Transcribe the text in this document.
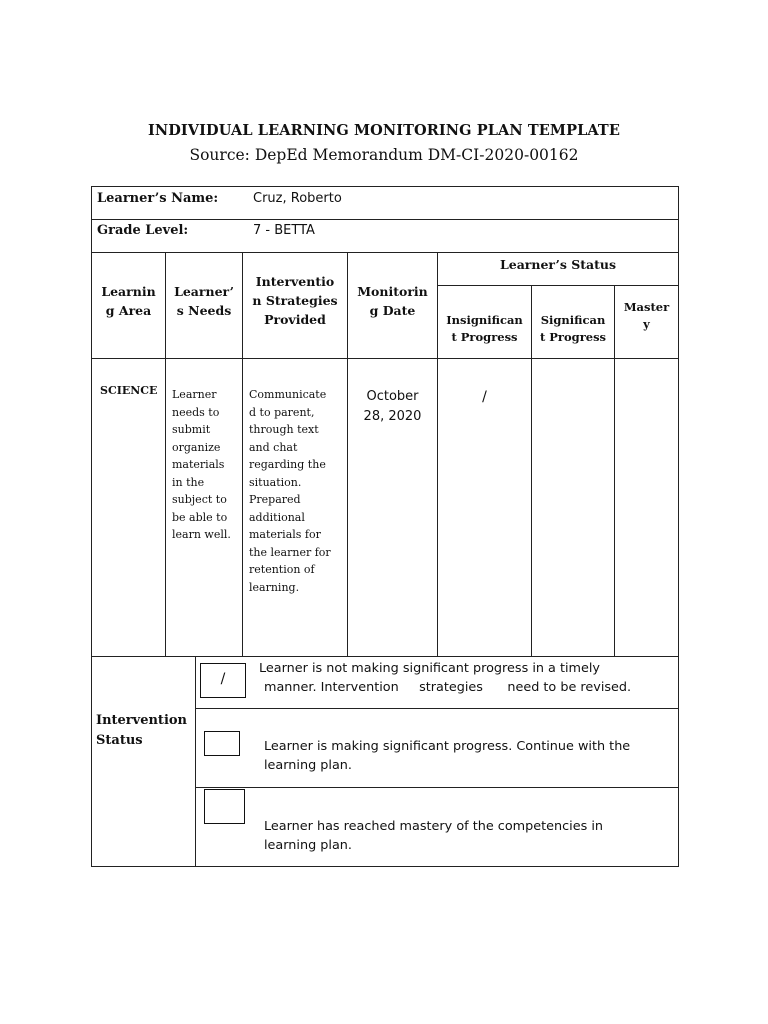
INDIVIDUAL LEARNING MONITORING PLAN TEMPLATE
Source: DepEd Memorandum DM-CI-2020-00162
Learner’s Name:	Cruz, Roberto
Grade Level:	7 - BETTA
Learnin
g Area
Learner’
s Needs
Interventio
n Strategies
Provided
Monitorin
g Date
Learner’s Status
Insignifican
t Progress
Significan
t Progress
Master
y
SCIENCE Learner
needs to
submit
organize
materials
in the
subject to
be able to
learn well.
Communicate
d to parent,
through text
and chat
regarding the
situation.
Prepared
additional
materials for
the learner for
retention of
learning.
October
28, 2020
/
Intervention
Status
/
Learner is not making significant progress in a timely
manner. Intervention     strategies      need to be revised.
Learner is making significant progress. Continue with the
learning plan.
Learner has reached mastery of the competencies in
learning plan.
